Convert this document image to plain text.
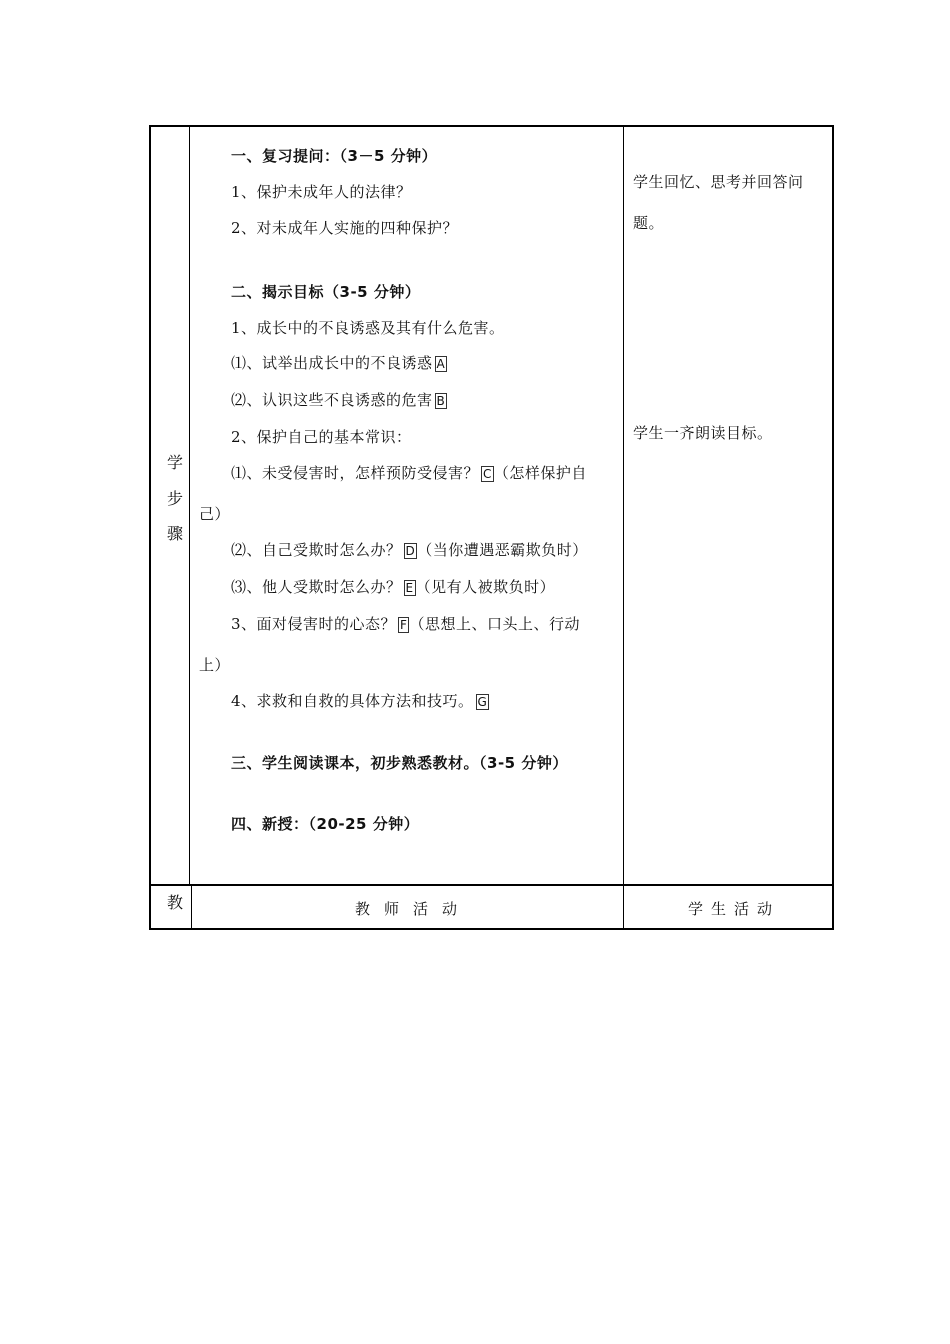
学
步
骤
教
一、复习提问：（3－5 分钟）
1、保护未成年人的法律？
2、对未成年人实施的四种保护？
二、揭示目标（3-5 分钟）
1、成长中的不良诱惑及其有什么危害。
⑴、试举出成长中的不良诱惑 A
⑵、认识这些不良诱惑的危害 B
2、保护自己的基本常识：
⑴、未受侵害时，怎样预防受侵害？ C （怎样保护自
己）
⑵、自己受欺时怎么办？ D （当你遭遇恶霸欺负时）
⑶、他人受欺时怎么办？ E （见有人被欺负时）
3、面对侵害时的心态？ F （思想上、口头上、行动
上）
4、求救和自救的具体方法和技巧。 G
三、学生阅读课本，初步熟悉教材。（3-5 分钟）
四、新授：（20-25 分钟）
学生回忆、思考并回答问
题。
学生一齐朗读目标。
教师活动	学生活动
